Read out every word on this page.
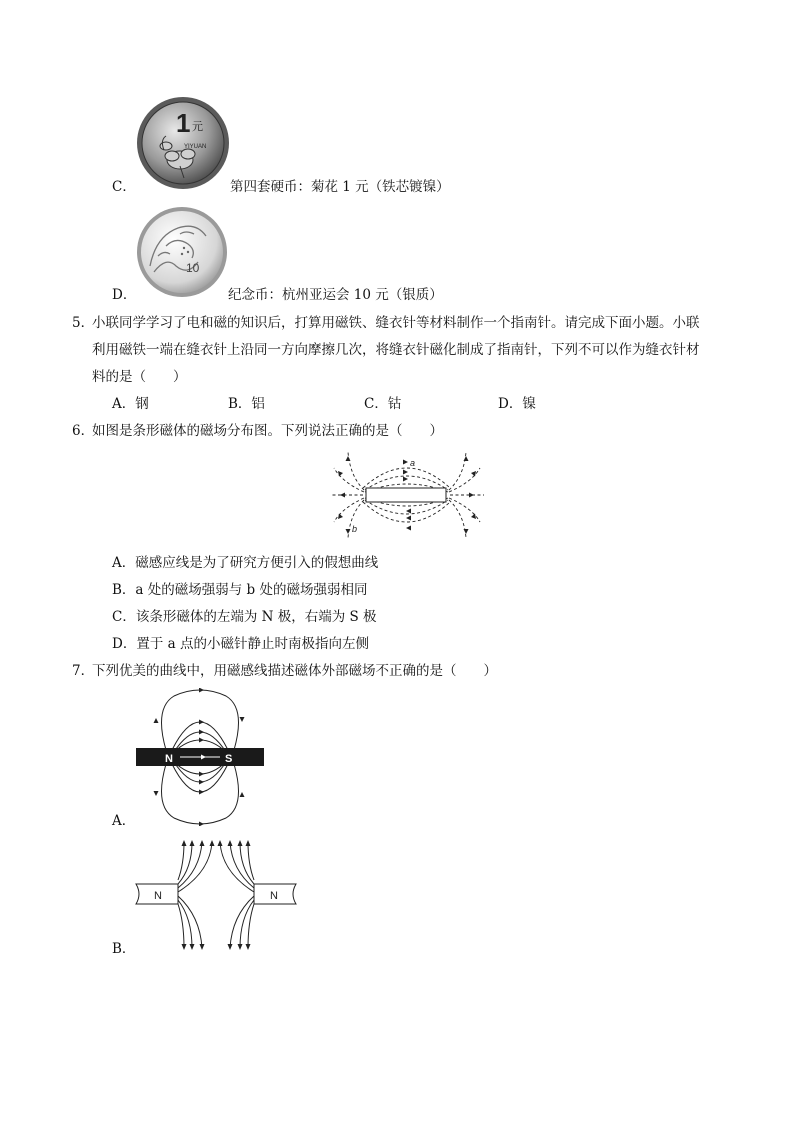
1 元
YIYUAN
C．	第四套硬币：菊花 1 元（铁芯镀镍）
10
D．	纪念币：杭州亚运会 10 元（银质）
5．
小联同学学习了电和磁的知识后，打算用磁铁、缝衣针等材料制作一个指南针。请完成下面小题。小联
利用磁铁一端在缝衣针上沿同一方向摩擦几次，将缝衣针磁化制成了指南针，下列不可以作为缝衣针材
料的是（　　）
A．钢	B．铝	C．钴	D．镍
6．
如图是条形磁体的磁场分布图。下列说法正确的是（　　）
a
b
A．磁感应线是为了研究方便引入的假想曲线
B．a 处的磁场强弱与 b 处的磁场强弱相同
C．该条形磁体的左端为 N 极，右端为 S 极
D．置于 a 点的小磁针静止时南极指向左侧
7．
下列优美的曲线中，用磁感线描述磁体外部磁场不正确的是（　　）
N	S
A．
N	N
B．
